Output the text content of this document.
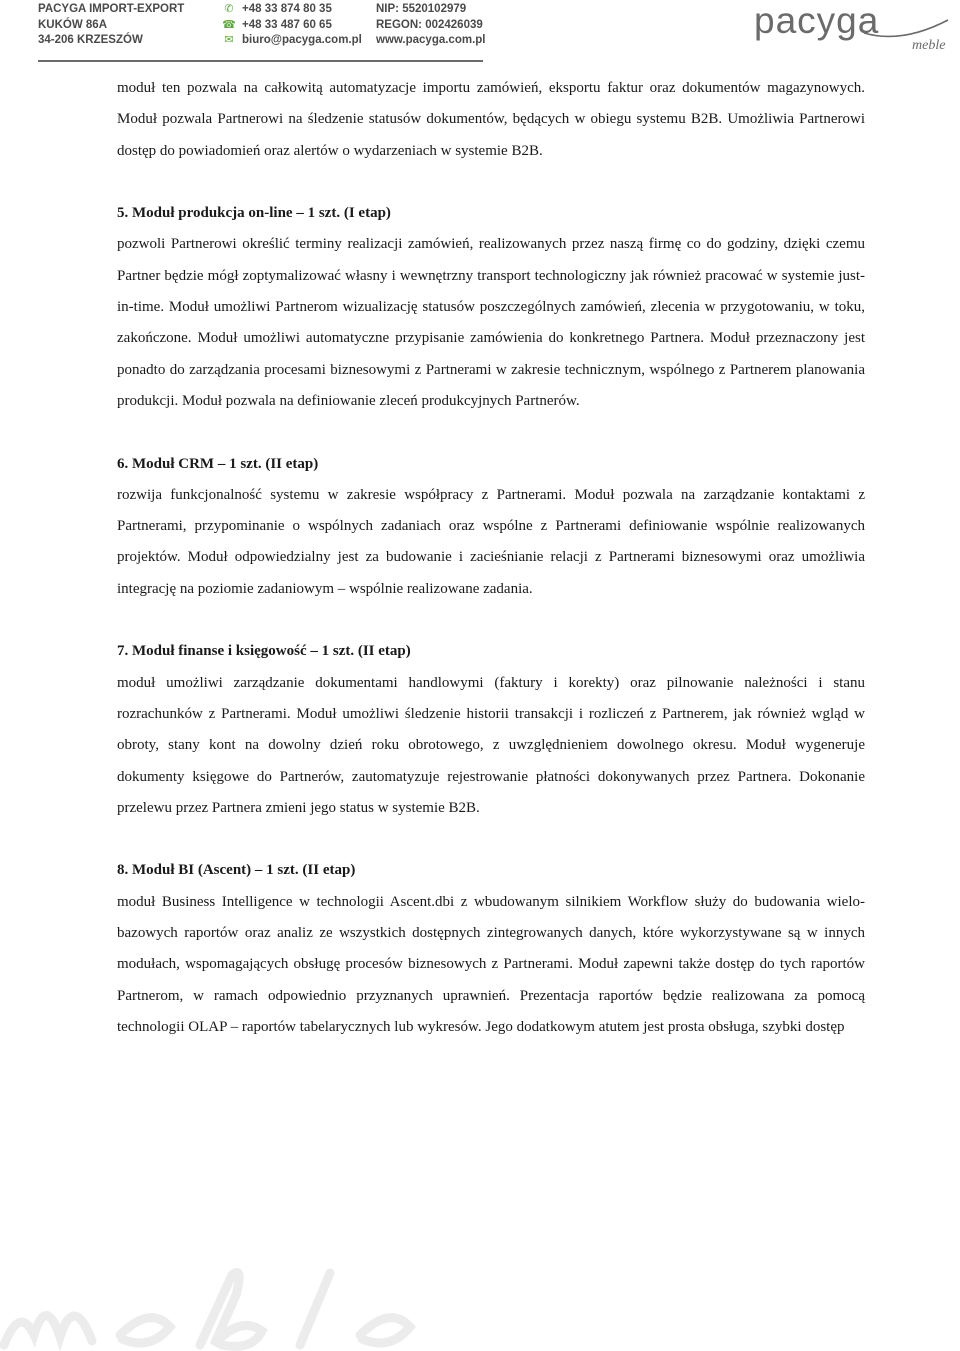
PACYGA IMPORT-EXPORT
KUKÓW 86A
34-206 KRZESZÓW
✆ +48 33 874 80 35
☎ +48 33 487 60 65
✉ biuro@pacyga.com.pl
NIP: 5520102979
REGON: 002426039
www.pacyga.com.pl	pacyga
meble

moduł ten pozwala na całkowitą automatyzacje importu zamówień, eksportu faktur oraz dokumentów magazynowych. Moduł pozwala Partnerowi na śledzenie statusów dokumentów, będących w obiegu systemu B2B. Umożliwia Partnerowi dostęp do powiadomień oraz alertów o wydarzeniach w systemie B2B.

5. Moduł produkcja on-line – 1 szt. (I etap)

pozwoli Partnerowi określić terminy realizacji zamówień, realizowanych przez naszą firmę co do godziny, dzięki czemu Partner będzie mógł zoptymalizować własny i wewnętrzny transport technologiczny jak również pracować w systemie just-in-time. Moduł umożliwi Partnerom wizualizację statusów poszczególnych zamówień, zlecenia w przygotowaniu, w toku, zakończone. Moduł umożliwi automatyczne przypisanie zamówienia do konkretnego Partnera. Moduł przeznaczony jest ponadto do zarządzania procesami biznesowymi z Partnerami w zakresie technicznym, wspólnego z Partnerem planowania produkcji. Moduł pozwala na definiowanie zleceń produkcyjnych Partnerów.

6. Moduł CRM – 1 szt. (II etap)

rozwija funkcjonalność systemu w zakresie współpracy z Partnerami. Moduł pozwala na zarządzanie kontaktami z Partnerami, przypominanie o wspólnych zadaniach oraz wspólne z Partnerami definiowanie wspólnie realizowanych projektów. Moduł odpowiedzialny jest za budowanie i zacieśnianie relacji z Partnerami biznesowymi oraz umożliwia integrację na poziomie zadaniowym – wspólnie realizowane zadania.

7. Moduł finanse i księgowość – 1 szt. (II etap)

moduł umożliwi zarządzanie dokumentami handlowymi (faktury i korekty) oraz pilnowanie należności i stanu rozrachunków z Partnerami. Moduł umożliwi śledzenie historii transakcji i rozliczeń z Partnerem, jak również wgląd w obroty, stany kont na dowolny dzień roku obrotowego, z uwzględnieniem dowolnego okresu. Moduł wygeneruje dokumenty księgowe do Partnerów, zautomatyzuje rejestrowanie płatności dokonywanych przez Partnera. Dokonanie przelewu przez Partnera zmieni jego status w systemie B2B.

8. Moduł BI (Ascent) – 1 szt. (II etap)

moduł Business Intelligence w technologii Ascent.dbi z wbudowanym silnikiem Workflow służy do budowania wielo-bazowych raportów oraz analiz ze wszystkich dostępnych zintegrowanych danych, które wykorzystywane są w innych modułach, wspomagających obsługę procesów biznesowych z Partnerami. Moduł zapewni także dostęp do tych raportów Partnerom, w ramach odpowiednio przyznanych uprawnień. Prezentacja raportów będzie realizowana za pomocą technologii OLAP – raportów tabelarycznych lub wykresów. Jego dodatkowym atutem jest prosta obsługa, szybki dostęp
